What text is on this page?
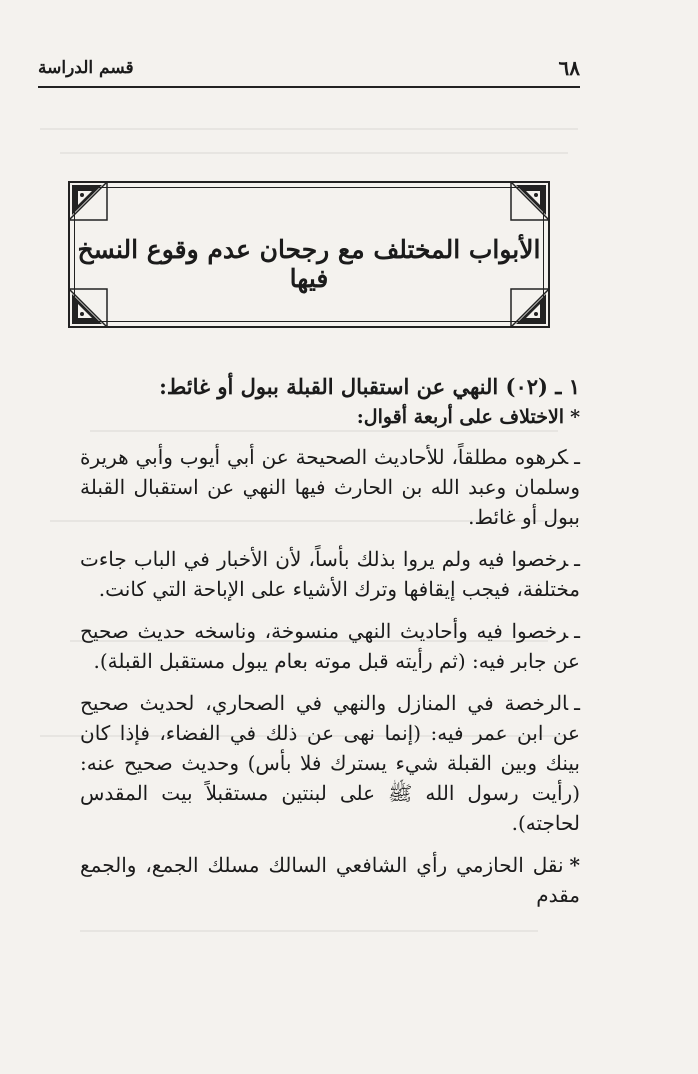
٦٨
قسم الدراسة
الأبواب المختلف مع رجحان عدم وقوع النسخ فيها

١ ـ (٠٢) النهي عن استقبال القبلة ببول أو غائط:

*الاختلاف على أربعة أقوال:

ـكرهوه مطلقاً، للأحاديث الصحيحة عن أبي أيوب وأبي هريرة وسلمان وعبد الله بن الحارث فيها النهي عن استقبال القبلة ببول أو غائط.

ـرخصوا فيه ولم يروا بذلك بأساً، لأن الأخبار في الباب جاءت مختلفة، فيجب إيقافها وترك الأشياء على الإباحة التي كانت.

ـرخصوا فيه وأحاديث النهي منسوخة، وناسخه حديث صحيح عن جابر فيه: (ثم رأيته قبل موته بعام يبول مستقبل القبلة).

ـالرخصة في المنازل والنهي في الصحاري، لحديث صحيح عن ابن عمر فيه: (إنما نهى عن ذلك في الفضاء، فإذا كان بينك وبين القبلة شيء يسترك فلا بأس) وحديث صحيح عنه: (رأيت رسول الله ﷺ على لبنتين مستقبلاً بيت المقدس لحاجته).

*نقل الحازمي رأي الشافعي السالك مسلك الجمع، والجمع مقدم
